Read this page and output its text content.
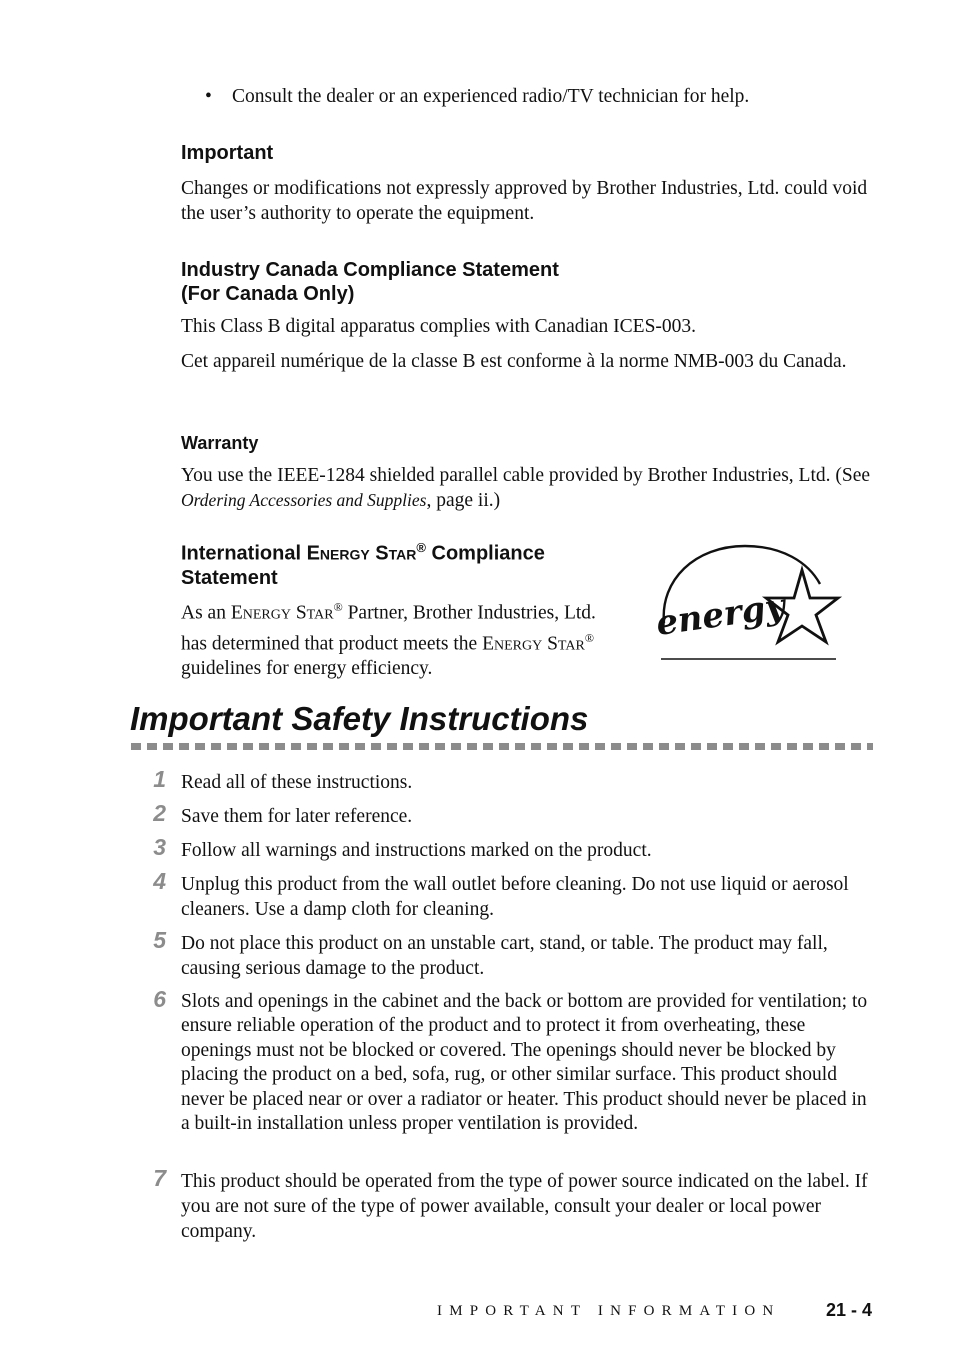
• Consult the dealer or an experienced radio/TV technician for help.
Important
Changes or modifications not expressly approved by Brother Industries, Ltd. could void the user’s authority to operate the equipment.
Industry Canada Compliance Statement
(For Canada Only)
This Class B digital apparatus complies with Canadian ICES-003.
Cet appareil numérique de la classe B est conforme à la norme NMB-003 du Canada.
Warranty
You use the IEEE-1284 shielded parallel cable provided by Brother Industries, Ltd. (See Ordering Accessories and Supplies, page ii.)
International Energy Star® Compliance
Statement
As an Energy Star® Partner, Brother Industries, Ltd. has determined that product meets the Energy Star® guidelines for energy efficiency.
energy
Important Safety Instructions
1 Read all of these instructions.
2 Save them for later reference.
3 Follow all warnings and instructions marked on the product.
4 Unplug this product from the wall outlet before cleaning. Do not use liquid or aerosol cleaners. Use a damp cloth for cleaning.
5 Do not place this product on an unstable cart, stand, or table. The product may fall, causing serious damage to the product.
6 Slots and openings in the cabinet and the back or bottom are provided for ventilation; to ensure reliable operation of the product and to protect it from overheating, these openings must not be blocked or covered. The openings should never be blocked by placing the product on a bed, sofa, rug, or other similar surface. This product should never be placed near or over a radiator or heater. This product should never be placed in a built-in installation unless proper ventilation is provided.
7 This product should be operated from the type of power source indicated on the label. If you are not sure of the type of power available, consult your dealer or local power company.
IMPORTANT INFORMATION	21 - 4
